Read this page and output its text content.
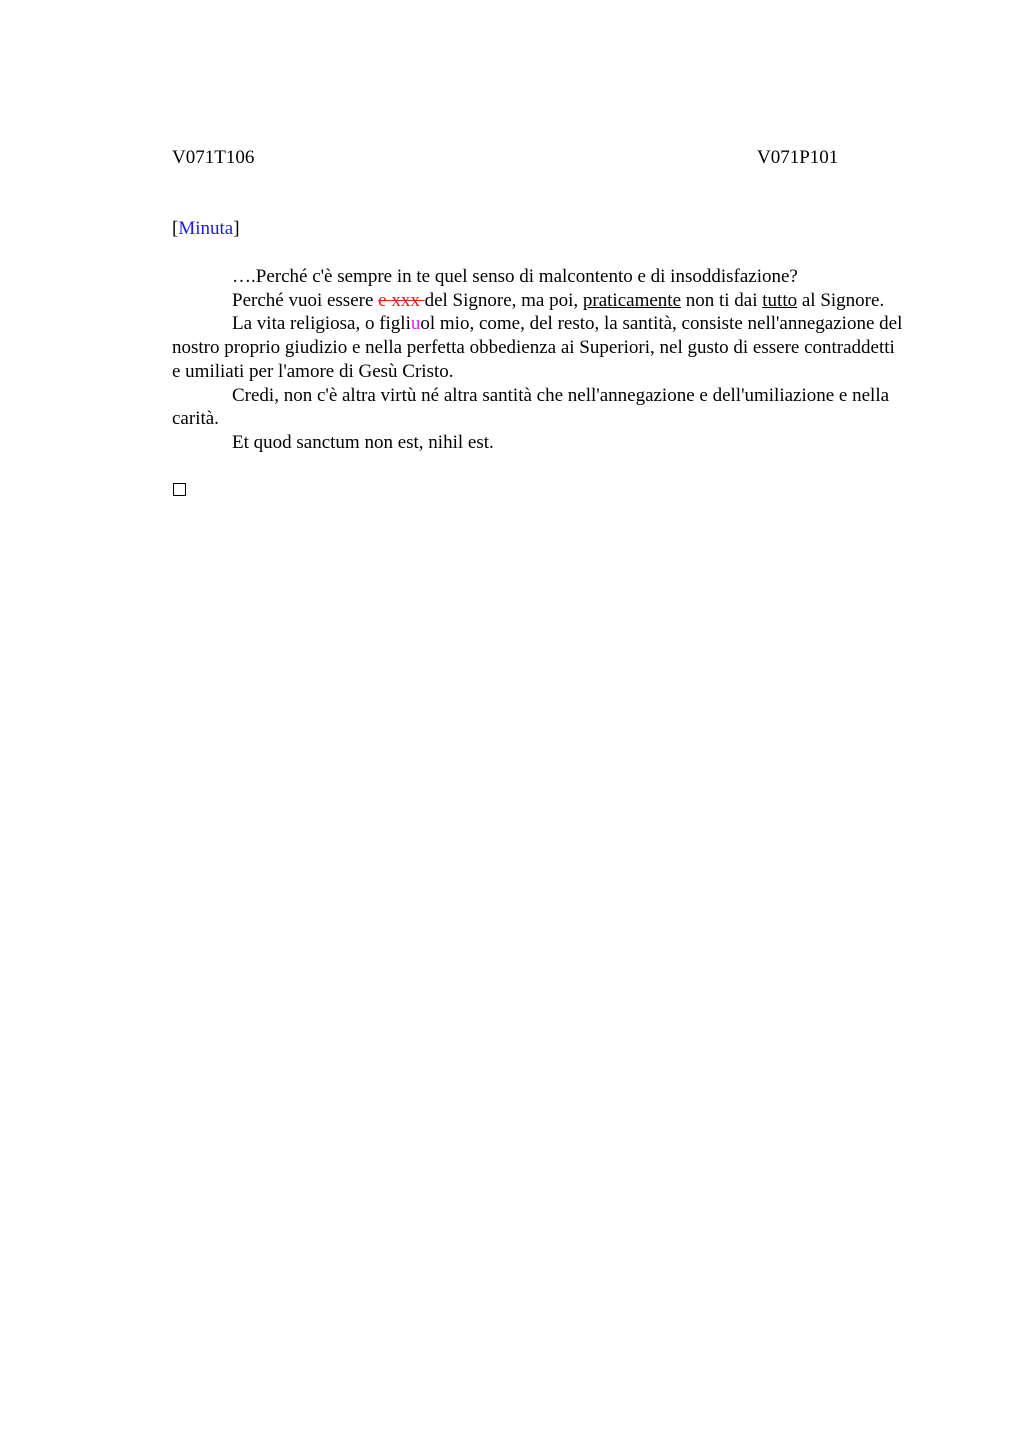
V071T106	V071P101
[Minuta]

….Perché c'è sempre in te quel senso di malcontento e di insoddisfazione?

Perché vuoi essere e xxx del Signore, ma poi, praticamente non ti dai tutto al Signore.

La vita religiosa, o figliuol mio, come, del resto, la santità, consiste nell'annegazione del nostro proprio giudizio e nella perfetta obbedienza ai Superiori, nel gusto di essere contraddetti e umiliati per l'amore di Gesù Cristo.

Credi, non c'è altra virtù né altra santità che nell'annegazione e dell'umiliazione e nella carità.

Et quod sanctum non est, nihil est.
